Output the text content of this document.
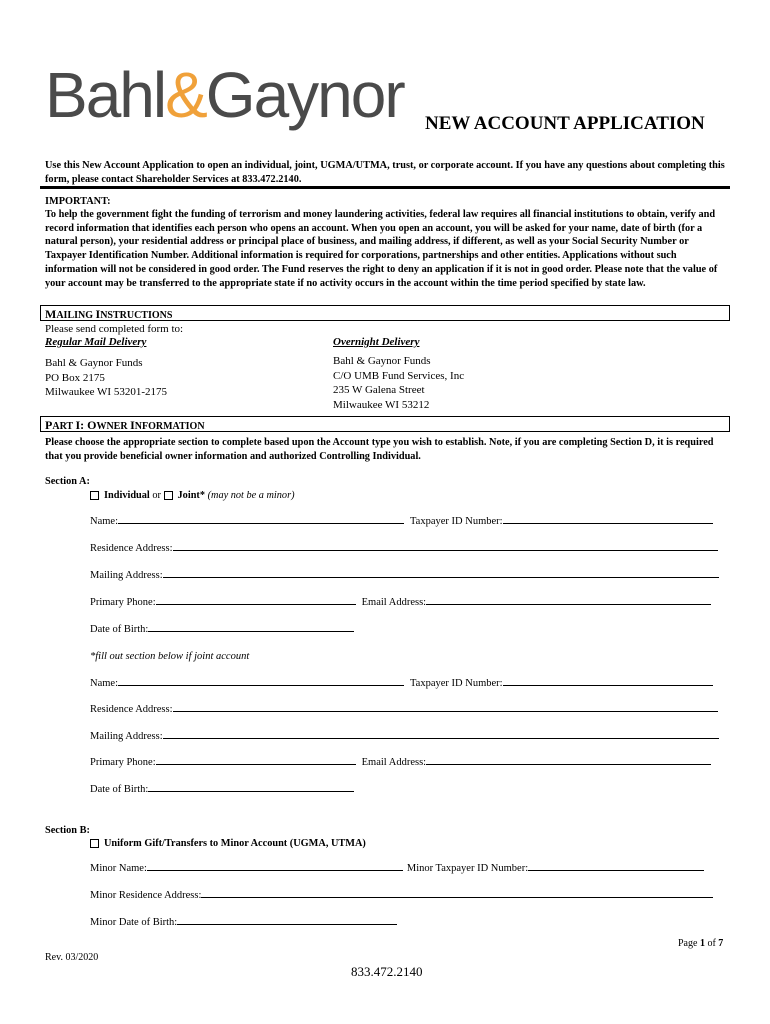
Bahl&Gaynor NEW ACCOUNT APPLICATION
Use this New Account Application to open an individual, joint, UGMA/UTMA, trust, or corporate account. If you have any questions about completing this form, please contact Shareholder Services at 833.472.2140.
IMPORTANT:
To help the government fight the funding of terrorism and money laundering activities, federal law requires all financial institutions to obtain, verify and record information that identifies each person who opens an account. When you open an account, you will be asked for your name, date of birth (for a natural person), your residential address or principal place of business, and mailing address, if different, as well as your Social Security Number or Taxpayer Identification Number. Additional information is required for corporations, partnerships and other entities. Applications without such information will not be considered in good order. The Fund reserves the right to deny an application if it is not in good order. Please note that the value of your account may be transferred to the appropriate state if no activity occurs in the account within the time period specified by state law.
MAILING INSTRUCTIONS
Please send completed form to:
Regular Mail Delivery	Overnight Delivery
Bahl & Gaynor Funds
PO Box 2175
Milwaukee WI 53201-2175
Bahl & Gaynor Funds
C/O UMB Fund Services, Inc
235 W Galena Street
Milwaukee WI 53212
PART I: OWNER INFORMATION
Please choose the appropriate section to complete based upon the Account type you wish to establish. Note, if you are completing Section D, it is required that you provide beneficial owner information and authorized Controlling Individual.
Section A:
Individual or Joint* (may not be a minor)
Name:	Taxpayer ID Number:
Residence Address:
Mailing Address:
Primary Phone:	Email Address:
Date of Birth:
*fill out section below if joint account
Name:	Taxpayer ID Number:
Residence Address:
Mailing Address:
Primary Phone:	Email Address:
Date of Birth:
Section B:
Uniform Gift/Transfers to Minor Account (UGMA, UTMA)
Minor Name:	Minor Taxpayer ID Number:
Minor Residence Address:
Minor Date of Birth:
Page 1 of 7
Rev. 03/2020
833.472.2140
